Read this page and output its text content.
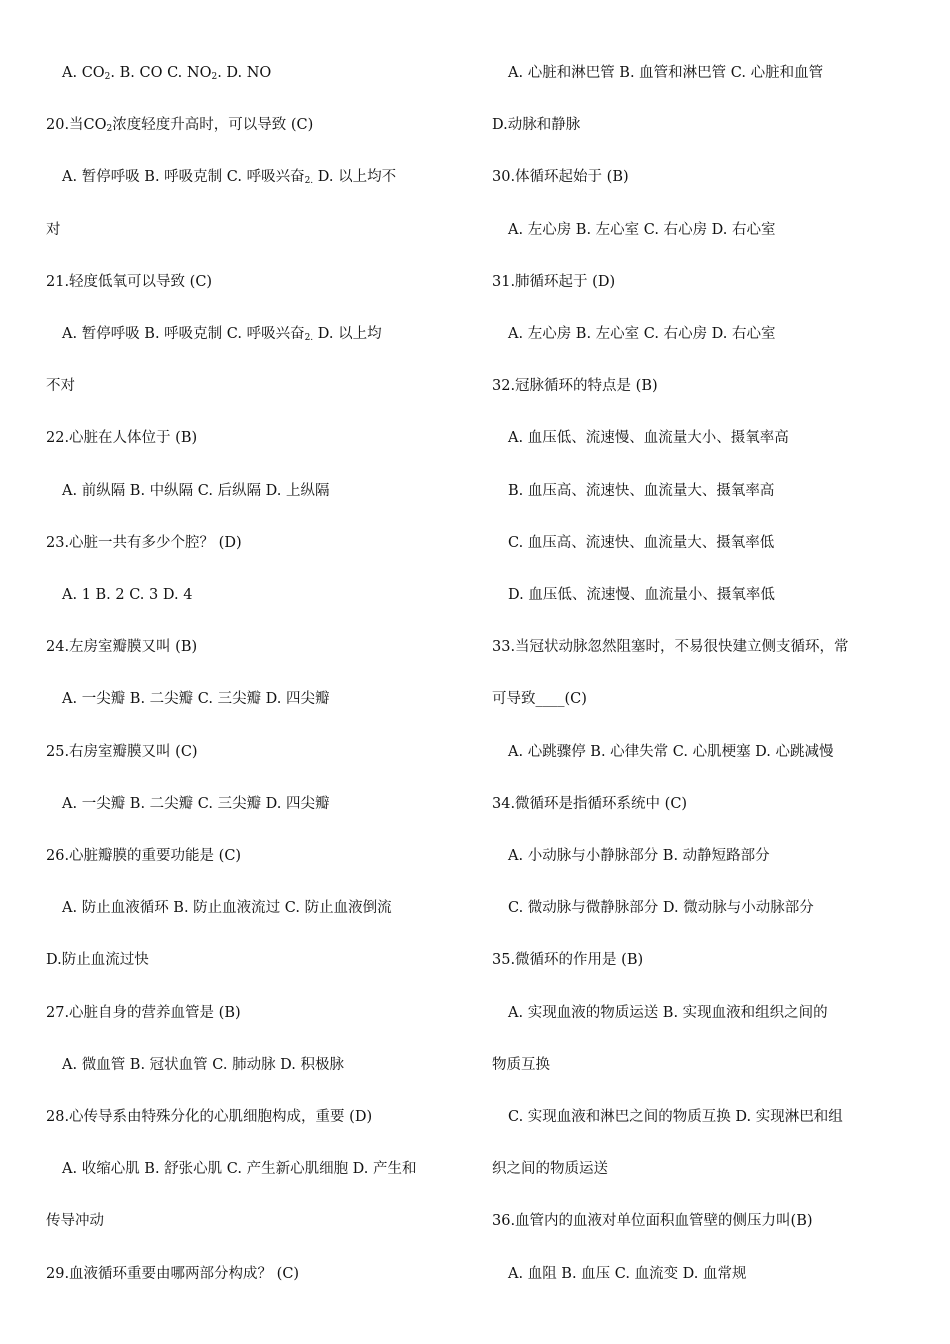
A. $CO_2$. B. CO C. $NO_2$. D. NO
20.当$CO_2$浓度轻度升高时，可以导致 (C)
A. 暂停呼吸 B. 呼吸克制 C. 呼吸兴奋$_{2.}$ D. 以上均不
对
21.轻度低氧可以导致 (C)
A. 暂停呼吸 B. 呼吸克制 C. 呼吸兴奋$_{2.}$ D. 以上均
不对
22.心脏在人体位于 (B)
A. 前纵隔 B. 中纵隔 C. 后纵隔 D. 上纵隔
23.心脏一共有多少个腔？ (D)
A. 1 B. 2 C. 3 D. 4
24.左房室瓣膜又叫 (B)
A. 一尖瓣 B. 二尖瓣 C. 三尖瓣 D. 四尖瓣
25.右房室瓣膜又叫 (C)
A. 一尖瓣 B. 二尖瓣 C. 三尖瓣 D. 四尖瓣
26.心脏瓣膜的重要功能是 (C)
A. 防止血液循环 B. 防止血液流过 C. 防止血液倒流
D.防止血流过快
27.心脏自身的营养血管是 (B)
A. 微血管 B. 冠状血管 C. 肺动脉 D. 积极脉
28.心传导系由特殊分化的心肌细胞构成，重要 (D)
A. 收缩心肌 B. 舒张心肌 C. 产生新心肌细胞 D. 产生和
传导冲动
29.血液循环重要由哪两部分构成？ (C)
A. 心脏和淋巴管 B. 血管和淋巴管 C. 心脏和血管
D.动脉和静脉
30.体循环起始于 (B)
A. 左心房 B. 左心室 C. 右心房 D. 右心室
31.肺循环起于 (D)
A. 左心房 B. 左心室 C. 右心房 D. 右心室
32.冠脉循环的特点是 (B)
A. 血压低、流速慢、血流量大小、摄氧率高
B. 血压高、流速快、血流量大、摄氧率高
C. 血压高、流速快、血流量大、摄氧率低
D. 血压低、流速慢、血流量小、摄氧率低
33.当冠状动脉忽然阻塞时，不易很快建立侧支循环，常
可导致____(C)
A. 心跳骤停 B. 心律失常 C. 心肌梗塞 D. 心跳减慢
34.微循环是指循环系统中 (C)
A. 小动脉与小静脉部分 B. 动静短路部分
C. 微动脉与微静脉部分 D. 微动脉与小动脉部分
35.微循环的作用是 (B)
A. 实现血液的物质运送 B. 实现血液和组织之间的
物质互换
C. 实现血液和淋巴之间的物质互换 D. 实现淋巴和组
织之间的物质运送
36.血管内的血液对单位面积血管壁的侧压力叫(B)
A. 血阻 B. 血压 C. 血流变 D. 血常规
